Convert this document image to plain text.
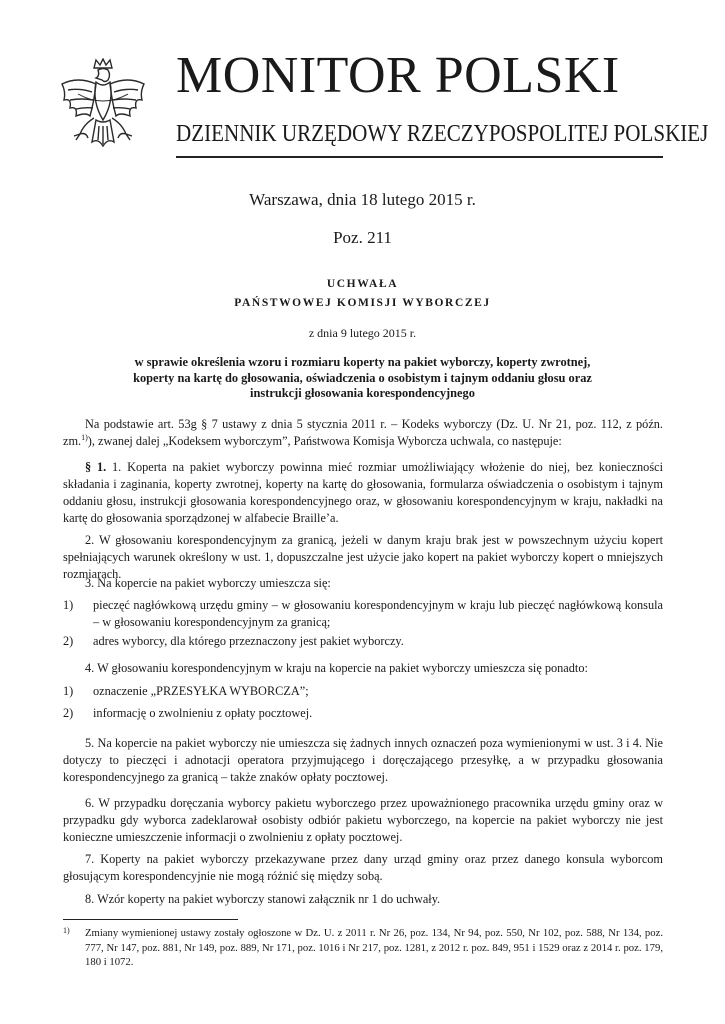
MONITOR POLSKI
DZIENNIK URZĘDOWY RZECZYPOSPOLITEJ POLSKIEJ
Warszawa, dnia 18 lutego 2015 r.
Poz. 211
UCHWAŁA
PAŃSTWOWEJ KOMISJI WYBORCZEJ
z dnia 9 lutego 2015 r.
w sprawie określenia wzoru i rozmiaru koperty na pakiet wyborczy, koperty zwrotnej, koperty na kartę do głosowania, oświadczenia o osobistym i tajnym oddaniu głosu oraz instrukcji głosowania korespondencyjnego

Na podstawie art. 53g § 7 ustawy z dnia 5 stycznia 2011 r. – Kodeks wyborczy (Dz. U. Nr 21, poz. 112, z późn. zm.$^{1)}$), zwanej dalej „Kodeksem wyborczym”, Państwowa Komisja Wyborcza uchwala, co następuje:

§ 1. 1. Koperta na pakiet wyborczy powinna mieć rozmiar umożliwiający włożenie do niej, bez konieczności składania i zaginania, koperty zwrotnej, koperty na kartę do głosowania, formularza oświadczenia o osobistym i tajnym oddaniu głosu, instrukcji głosowania korespondencyjnego oraz, w głosowaniu korespondencyjnym w kraju, nakładki na kartę do głosowania sporządzonej w alfabecie Braille’a.

2. W głosowaniu korespondencyjnym za granicą, jeżeli w danym kraju brak jest w powszechnym użyciu kopert spełniających warunek określony w ust. 1, dopuszczalne jest użycie jako kopert na pakiet wyborczy kopert o mniejszych rozmiarach.

3. Na kopercie na pakiet wyborczy umieszcza się:

1) pieczęć nagłówkową urzędu gminy – w głosowaniu korespondencyjnym w kraju lub pieczęć nagłówkową konsula – w głosowaniu korespondencyjnym za granicą;
2) adres wyborcy, dla którego przeznaczony jest pakiet wyborczy.

4. W głosowaniu korespondencyjnym w kraju na kopercie na pakiet wyborczy umieszcza się ponadto:

1) oznaczenie „PRZESYŁKA WYBORCZA”;
2) informację o zwolnieniu z opłaty pocztowej.

5. Na kopercie na pakiet wyborczy nie umieszcza się żadnych innych oznaczeń poza wymienionymi w ust. 3 i 4. Nie dotyczy to pieczęci i adnotacji operatora przyjmującego i doręczającego przesyłkę, a w przypadku głosowania korespondencyjnego za granicą – także znaków opłaty pocztowej.

6. W przypadku doręczania wyborcy pakietu wyborczego przez upoważnionego pracownika urzędu gminy oraz w przypadku gdy wyborca zadeklarował osobisty odbiór pakietu wyborczego, na kopercie na pakiet wyborczy nie jest konieczne umieszczenie informacji o zwolnieniu z opłaty pocztowej.

7. Koperty na pakiet wyborczy przekazywane przez dany urząd gminy oraz przez danego konsula wyborcom głosującym korespondencyjnie nie mogą różnić się między sobą.

8. Wzór koperty na pakiet wyborczy stanowi załącznik nr 1 do uchwały.

1) Zmiany wymienionej ustawy zostały ogłoszone w Dz. U. z 2011 r. Nr 26, poz. 134, Nr 94, poz. 550, Nr 102, poz. 588, Nr 134, poz. 777, Nr 147, poz. 881, Nr 149, poz. 889, Nr 171, poz. 1016 i Nr 217, poz. 1281, z 2012 r. poz. 849, 951 i 1529 oraz z 2014 r. poz. 179, 180 i 1072.
